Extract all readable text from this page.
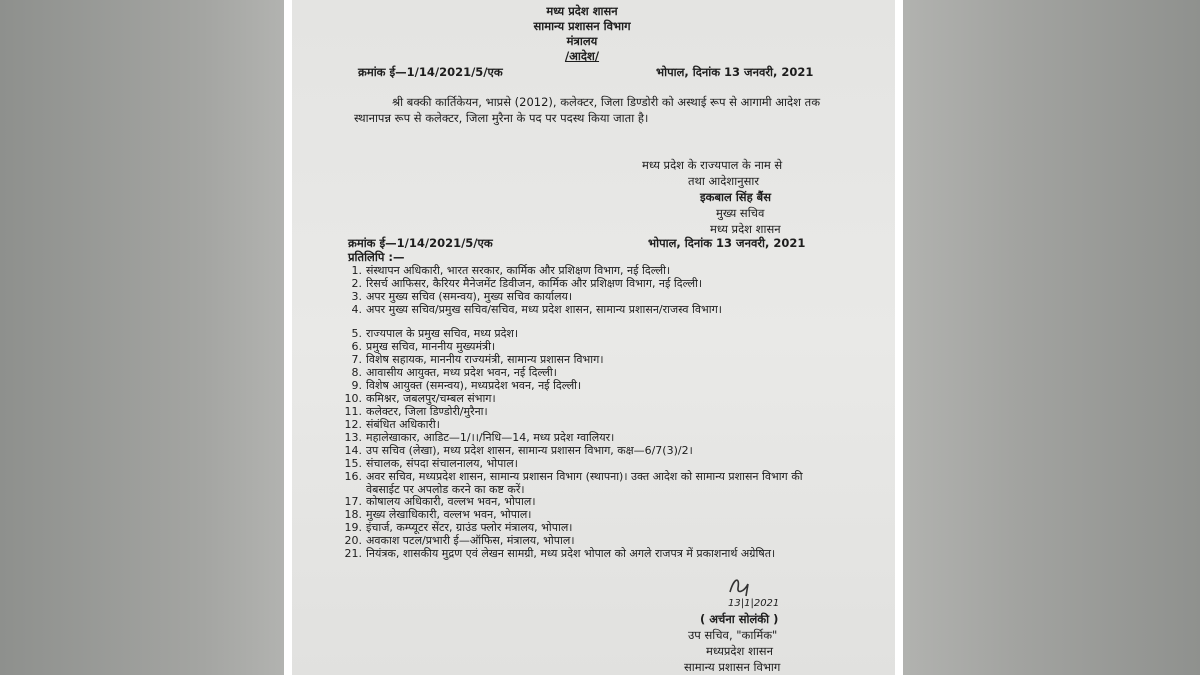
मध्य प्रदेश शासन
सामान्य प्रशासन विभाग
मंत्रालय
/आदेश/
क्रमांक ई—1/14/2021/5/एक	भोपाल, दिनांक 13 जनवरी, 2021
श्री बक्की कार्तिकेयन, भाप्रसे (2012), कलेक्टर, जिला डिण्डोरी को अस्थाई रूप से आगामी आदेश तक स्थानापन्न रूप से कलेक्टर, जिला मुरैना के पद पर पदस्थ किया जाता है।
मध्य प्रदेश के राज्यपाल के नाम से
तथा आदेशानुसार
इकबाल सिंह बैंस
मुख्य सचिव
मध्य प्रदेश शासन
क्रमांक ई—1/14/2021/5/एक	भोपाल, दिनांक 13 जनवरी, 2021
प्रतिलिपि :—
1. संस्थापन अधिकारी, भारत सरकार, कार्मिक और प्रशिक्षण विभाग, नई दिल्ली।
2. रिसर्च आफिसर, कैरियर मैनेजमेंट डिवीजन, कार्मिक और प्रशिक्षण विभाग, नई दिल्ली।
3. अपर मुख्य सचिव (समन्वय), मुख्य सचिव कार्यालय।
4. अपर मुख्य सचिव/प्रमुख सचिव/सचिव, मध्य प्रदेश शासन, सामान्य प्रशासन/राजस्व विभाग।
5. राज्यपाल के प्रमुख सचिव, मध्य प्रदेश।
6. प्रमुख सचिव, माननीय मुख्यमंत्री।
7. विशेष सहायक, माननीय राज्यमंत्री, सामान्य प्रशासन विभाग।
8. आवासीय आयुक्त, मध्य प्रदेश भवन, नई दिल्ली।
9. विशेष आयुक्त (समन्वय), मध्यप्रदेश भवन, नई दिल्ली।
10. कमिश्नर, जबलपुर/चम्बल संभाग।
11. कलेक्टर, जिला डिण्डोरी/मुरैना।
12. संबंधित अधिकारी।
13. महालेखाकार, आडिट—1/।।/निधि—14, मध्य प्रदेश ग्वालियर।
14. उप सचिव (लेखा), मध्य प्रदेश शासन, सामान्य प्रशासन विभाग, कक्ष—6/7(3)/2।
15. संचालक, संपदा संचालनालय, भोपाल।
16. अवर सचिव, मध्यप्रदेश शासन, सामान्य प्रशासन विभाग (स्थापना)। उक्त आदेश को सामान्य प्रशासन विभाग की वेबसाईट पर अपलोड करने का कष्ट करें।
17. कोषालय अधिकारी, वल्लभ भवन, भोपाल।
18. मुख्य लेखाधिकारी, वल्लभ भवन, भोपाल।
19. इंचार्ज, कम्प्यूटर सेंटर, ग्राउंड फ्लोर मंत्रालय, भोपाल।
20. अवकाश पटल/प्रभारी ई—ऑफिस, मंत्रालय, भोपाल।
21. नियंत्रक, शासकीय मुद्रण एवं लेखन सामग्री, मध्य प्रदेश भोपाल को अगले राजपत्र में प्रकाशनार्थ अग्रेषित।
13|1|2021
( अर्चना सोलंकी )
उप सचिव, "कार्मिक"
मध्यप्रदेश शासन
सामान्य प्रशासन विभाग
